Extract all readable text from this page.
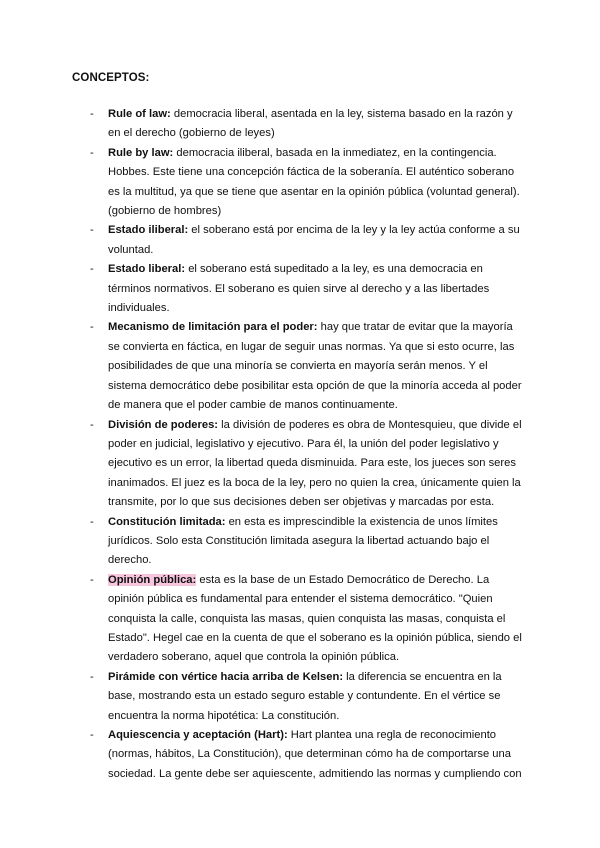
CONCEPTOS:
- Rule of law: democracia liberal, asentada en la ley, sistema basado en la razón y en el derecho (gobierno de leyes)
- Rule by law: democracia iliberal, basada en la inmediatez, en la contingencia. Hobbes. Este tiene una concepción fáctica de la soberanía. El auténtico soberano es la multitud, ya que se tiene que asentar en la opinión pública (voluntad general). (gobierno de hombres)
- Estado iliberal: el soberano está por encima de la ley y la ley actúa conforme a su voluntad.
- Estado liberal: el soberano está supeditado a la ley, es una democracia en términos normativos. El soberano es quien sirve al derecho y a las libertades individuales.
- Mecanismo de limitación para el poder: hay que tratar de evitar que la mayoría se convierta en fáctica, en lugar de seguir unas normas. Ya que si esto ocurre, las posibilidades de que una minoría se convierta en mayoría serán menos. Y el sistema democrático debe posibilitar esta opción de que la minoría acceda al poder de manera que el poder cambie de manos continuamente.
- División de poderes: la división de poderes es obra de Montesquieu, que divide el poder en judicial, legislativo y ejecutivo. Para él, la unión del poder legislativo y ejecutivo es un error, la libertad queda disminuida. Para este, los jueces son seres inanimados. El juez es la boca de la ley, pero no quien la crea, únicamente quien la transmite, por lo que sus decisiones deben ser objetivas y marcadas por esta.
- Constitución limitada: en esta es imprescindible la existencia de unos límites jurídicos. Solo esta Constitución limitada asegura la libertad actuando bajo el derecho.
- Opinión pública: esta es la base de un Estado Democrático de Derecho. La opinión pública es fundamental para entender el sistema democrático. "Quien conquista la calle, conquista las masas, quien conquista las masas, conquista el Estado". Hegel cae en la cuenta de que el soberano es la opinión pública, siendo el verdadero soberano, aquel que controla la opinión pública.
- Pirámide con vértice hacia arriba de Kelsen: la diferencia se encuentra en la base, mostrando esta un estado seguro estable y contundente. En el vértice se encuentra la norma hipotética: La constitución.
- Aquiescencia y aceptación (Hart): Hart plantea una regla de reconocimiento (normas, hábitos, La Constitución), que determinan cómo ha de comportarse una sociedad. La gente debe ser aquiescente, admitiendo las normas y cumpliendo con
